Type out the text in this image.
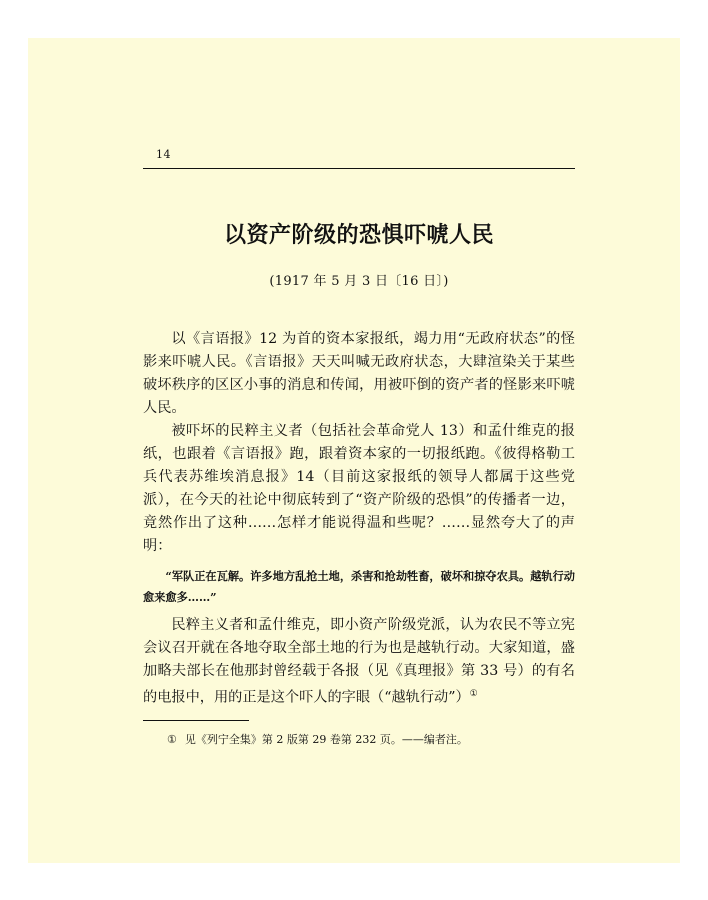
14
以资产阶级的恐惧吓唬人民
(1917 年 5 月 3 日〔16 日〕)

以《言语报》12 为首的资本家报纸，竭力用“无政府状态”的怪影来吓唬人民。《言语报》天天叫喊无政府状态，大肆渲染关于某些破坏秩序的区区小事的消息和传闻，用被吓倒的资产者的怪影来吓唬人民。

被吓坏的民粹主义者（包括社会革命党人 13）和孟什维克的报纸，也跟着《言语报》跑，跟着资本家的一切报纸跑。《彼得格勒工兵代表苏维埃消息报》14（目前这家报纸的领导人都属于这些党派），在今天的社论中彻底转到了“资产阶级的恐惧”的传播者一边，竟然作出了这种……怎样才能说得温和些呢？……显然夸大了的声明：

“军队正在瓦解。许多地方乱抢土地，杀害和抢劫牲畜，破坏和掠夺农具。越轨行动愈来愈多……”

民粹主义者和孟什维克，即小资产阶级党派，认为农民不等立宪会议召开就在各地夺取全部土地的行为也是越轨行动。大家知道，盛加略夫部长在他那封曾经载于各报（见《真理报》第 33 号）的有名的电报中，用的正是这个吓人的字眼（“越轨行动”）①

① 见《列宁全集》第 2 版第 29 卷第 232 页。——编者注。
